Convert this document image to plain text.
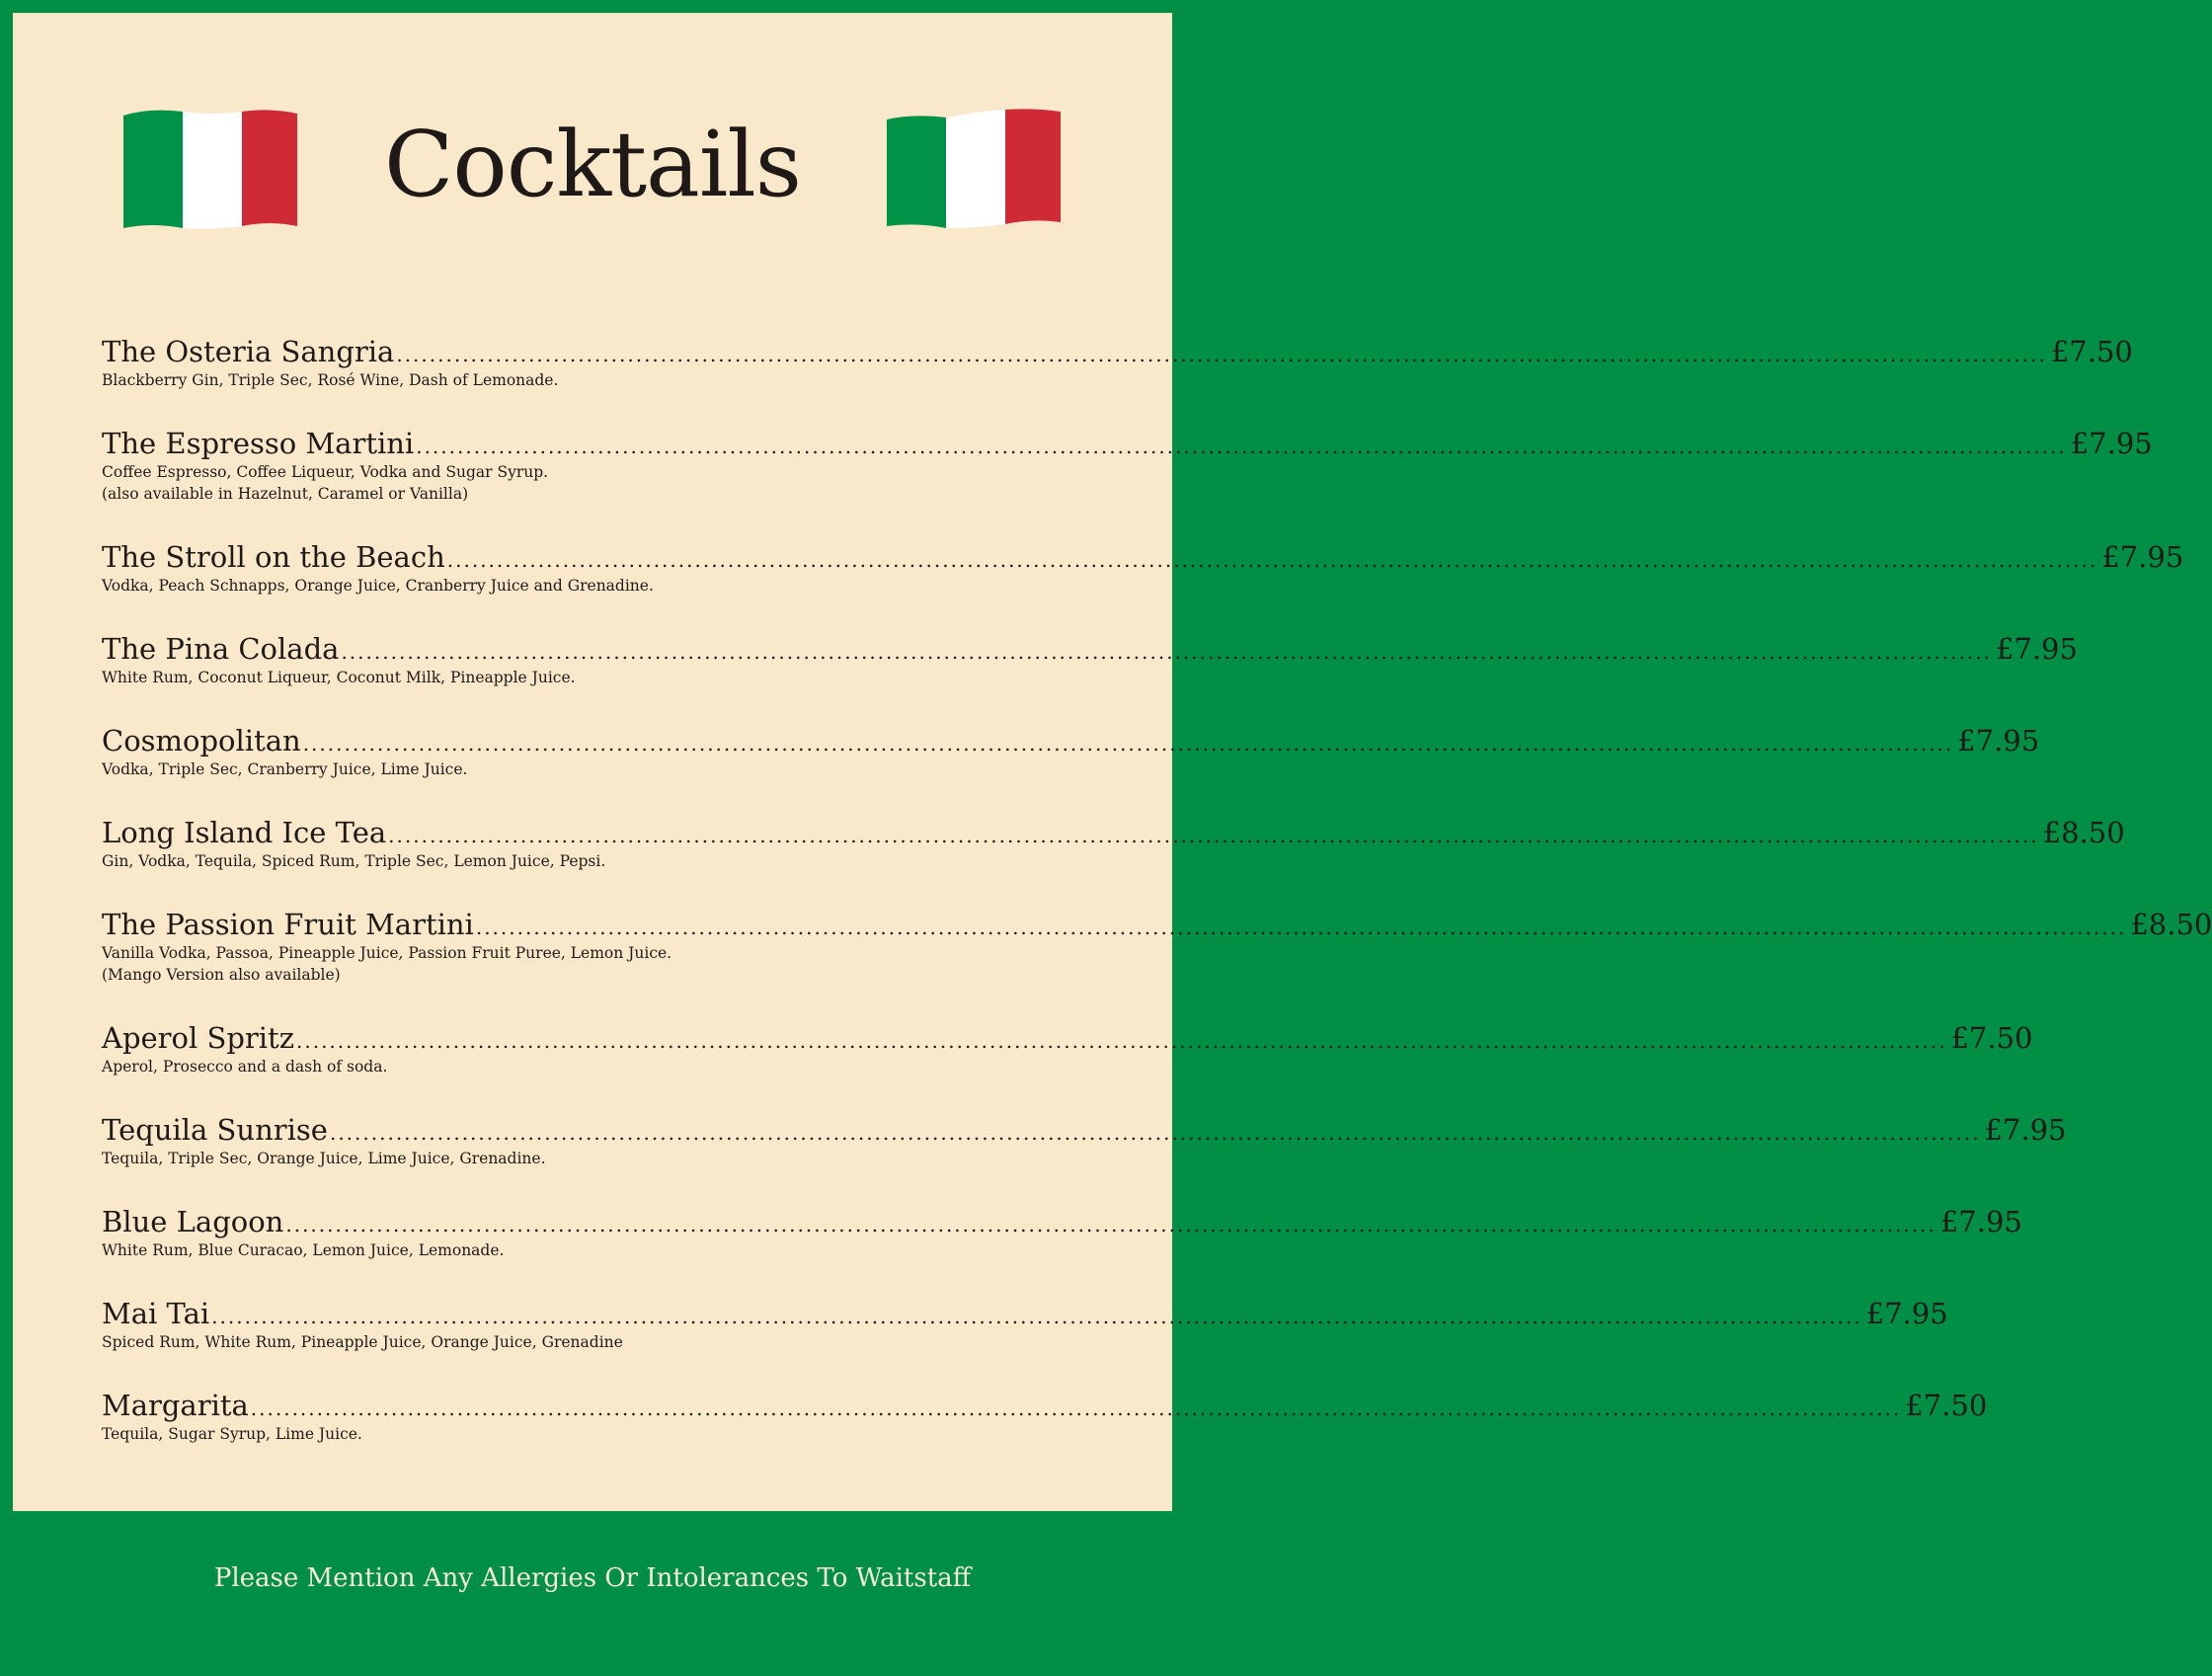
Cocktails
The Osteria Sangria ........................................................................................................................................................................................................ £7.50
Blackberry Gin, Triple Sec, Rosé Wine, Dash of Lemonade.
The Espresso Martini ........................................................................................................................................................................................................ £7.95
Coffee Espresso, Coffee Liqueur, Vodka and Sugar Syrup.
(also available in Hazelnut, Caramel or Vanilla)
The Stroll on the Beach ........................................................................................................................................................................................................ £7.95
Vodka, Peach Schnapps, Orange Juice, Cranberry Juice and Grenadine.
The Pina Colada ........................................................................................................................................................................................................ £7.95
White Rum, Coconut Liqueur, Coconut Milk, Pineapple Juice.
Cosmopolitan ........................................................................................................................................................................................................ £7.95
Vodka, Triple Sec, Cranberry Juice, Lime Juice.
Long Island Ice Tea ........................................................................................................................................................................................................ £8.50
Gin, Vodka, Tequila, Spiced Rum, Triple Sec, Lemon Juice, Pepsi.
The Passion Fruit Martini ........................................................................................................................................................................................................ £8.50
Vanilla Vodka, Passoa, Pineapple Juice, Passion Fruit Puree, Lemon Juice.
(Mango Version also available)
Aperol Spritz ........................................................................................................................................................................................................ £7.50
Aperol, Prosecco and a dash of soda.
Tequila Sunrise ........................................................................................................................................................................................................ £7.95
Tequila, Triple Sec, Orange Juice, Lime Juice, Grenadine.
Blue Lagoon ........................................................................................................................................................................................................ £7.95
White Rum, Blue Curacao, Lemon Juice, Lemonade.
Mai Tai ........................................................................................................................................................................................................ £7.95
Spiced Rum, White Rum, Pineapple Juice, Orange Juice, Grenadine
Margarita ........................................................................................................................................................................................................ £7.50
Tequila, Sugar Syrup, Lime Juice.
Please Mention Any Allergies Or Intolerances To Waitstaff
